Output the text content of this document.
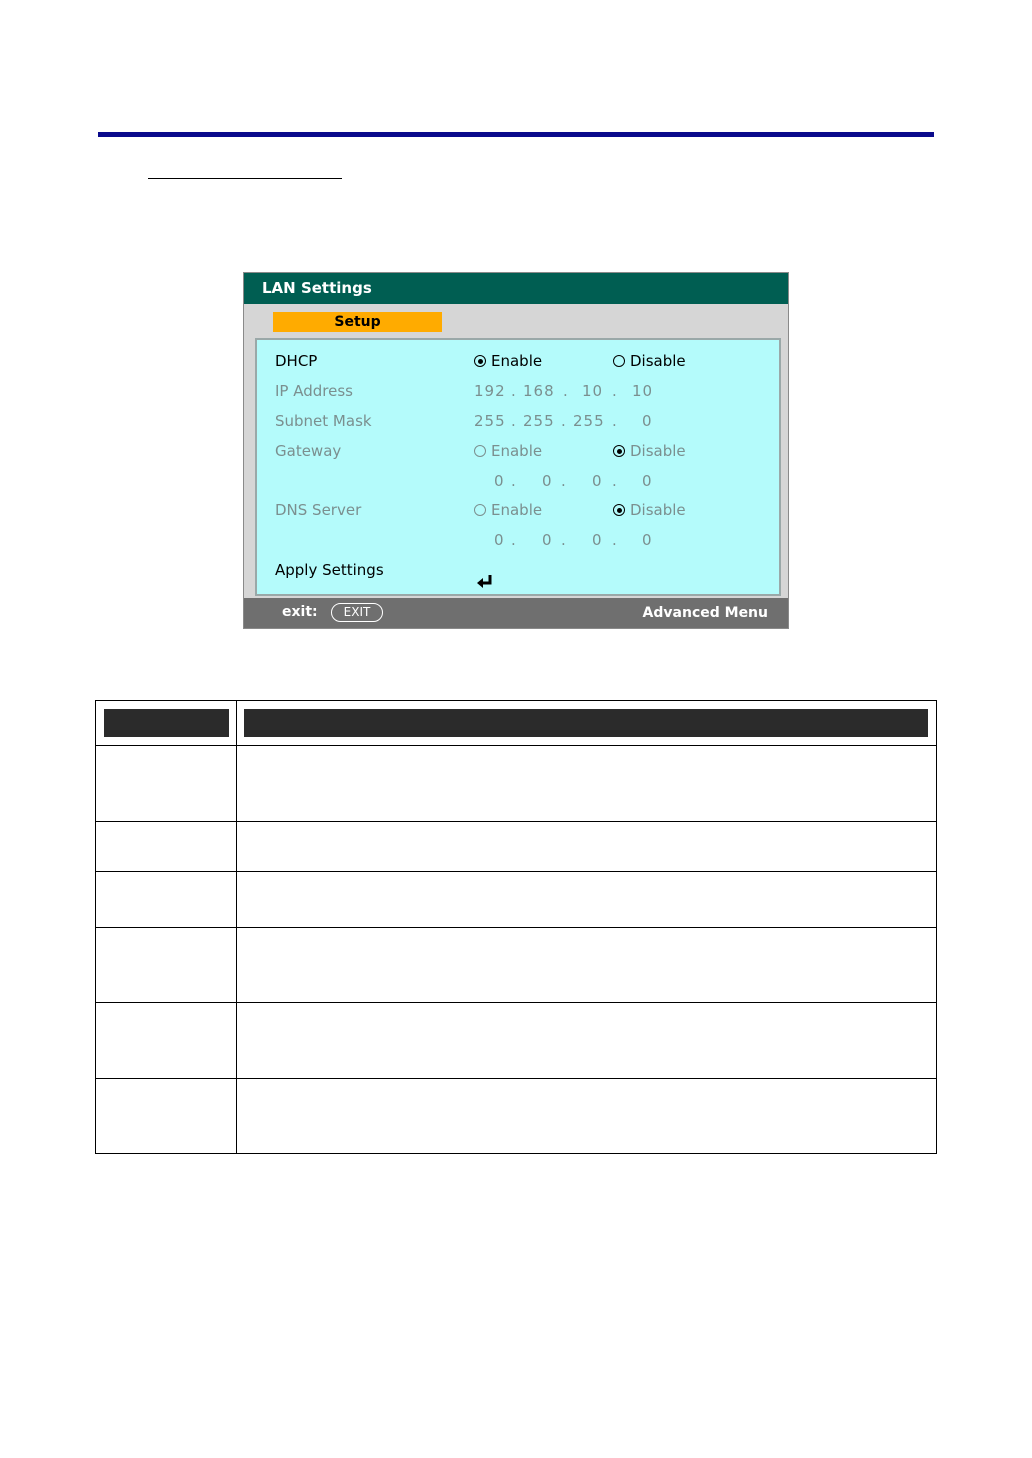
LAN Settings
Setup
DHCP	Enable	Disable
IP Address	192 . 168 . 10 . 10
Subnet Mask	255 . 255 . 255 . 0
Gateway	Enable	Disable
0 . 0 . 0 . 0
DNS Server	Enable	Disable
0 . 0 . 0 . 0
Apply Settings
exit:	EXIT	Advanced Menu
